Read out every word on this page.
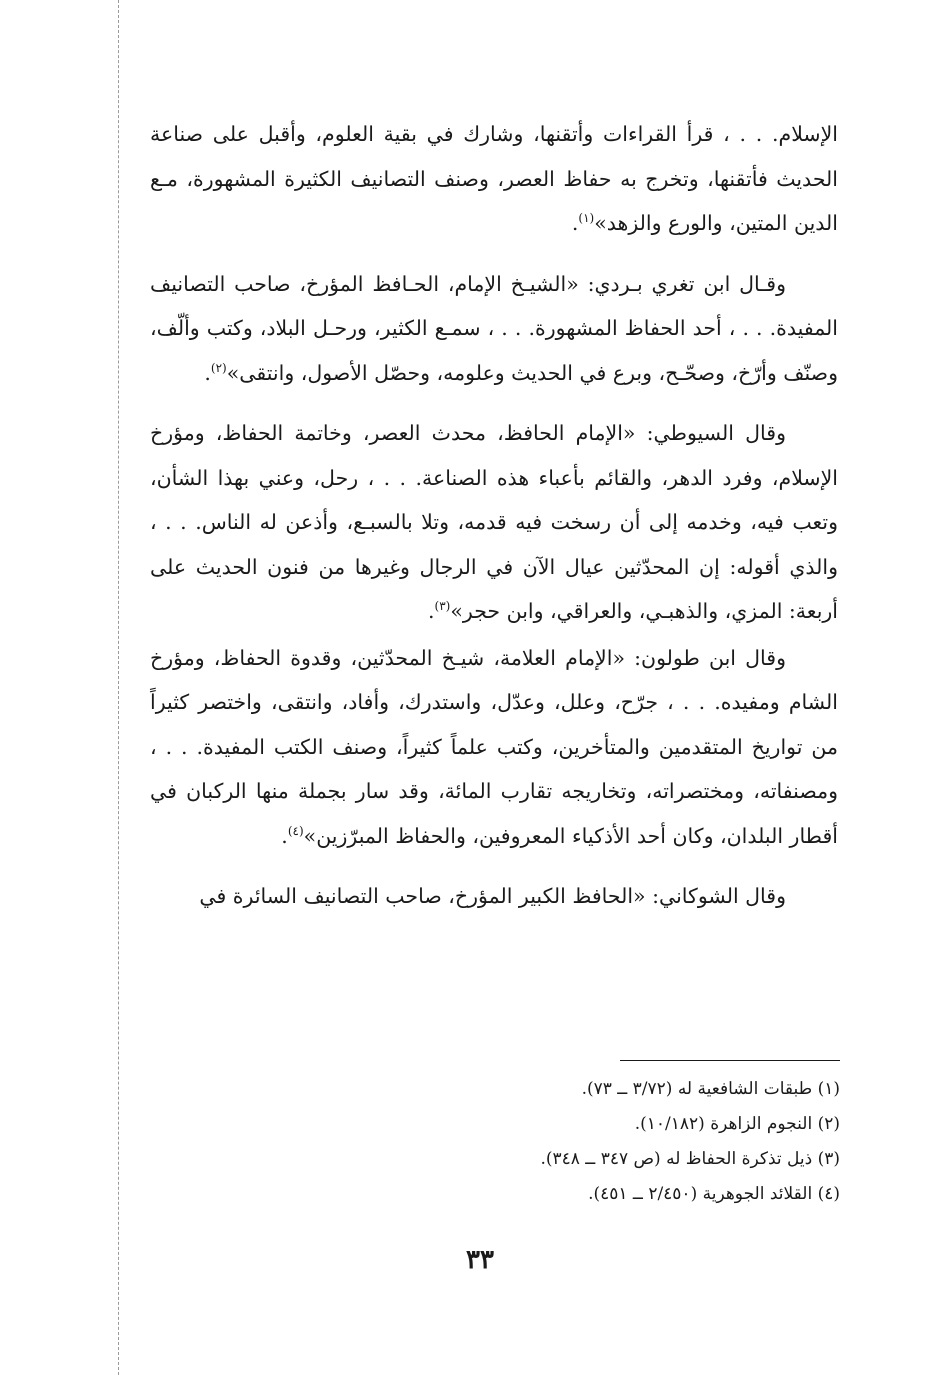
الإسلام. . . ، قرأ القراءات وأتقنها، وشارك في بقية العلوم، وأقبل على صناعة الحديث فأتقنها، وتخرج به حفاظ العصر، وصنف التصانيف الكثيرة المشهورة، مـع الدين المتين، والورع والزهد»$^{(١)}$.

وقـال ابن تغري بـردي: «الشيـخ الإمام، الحـافظ المؤرخ، صاحب التصانيف المفيدة. . . ، أحد الحفاظ المشهورة. . . ، سمـع الكثير، ورحـل البلاد، وكتب وألّف، وصنّف وأرّخ، وصحّـح، وبرع في الحديث وعلومه، وحصّل الأصول، وانتقى»$^{(٢)}$.

وقال السيوطي: «الإمام الحافظ، محدث العصر، وخاتمة الحفاظ، ومؤرخ الإسلام، وفرد الدهر، والقائم بأعباء هذه الصناعة. . . ، رحل، وعني بهذا الشأن، وتعب فيه، وخدمه إلى أن رسخت فيه قدمه، وتلا بالسبـع، وأذعن له الناس. . . ، والذي أقوله: إن المحدّثين عيال الآن في الرجال وغيرها من فنون الحديث على أربعة: المزي، والذهبـي، والعراقي، وابن حجر»$^{(٣)}$.

وقال ابن طولون: «الإمام العلامة، شيـخ المحدّثين، وقدوة الحفاظ، ومؤرخ الشام ومفيده. . . ، جرّح، وعلل، وعدّل، واستدرك، وأفاد، وانتقى، واختصر كثيراً من تواريخ المتقدمين والمتأخرين، وكتب علماً كثيراً، وصنف الكتب المفيدة. . . ، ومصنفاته، ومختصراته، وتخاريجه تقارب المائة، وقد سار بجملة منها الركبان في أقطار البلدان، وكان أحد الأذكياء المعروفين، والحفاظ المبرّزين»$^{(٤)}$.

وقال الشوكاني: «الحافظ الكبير المؤرخ، صاحب التصانيف السائرة في

(١) طبقات الشافعية له (٣/٧٢ ــ ٧٣).
(٢) النجوم الزاهرة (١٠/١٨٢).
(٣) ذيل تذكرة الحفاظ له (ص ٣٤٧ ــ ٣٤٨).
(٤) القلائد الجوهرية (٢/٤٥٠ ــ ٤٥١).
٣٣
